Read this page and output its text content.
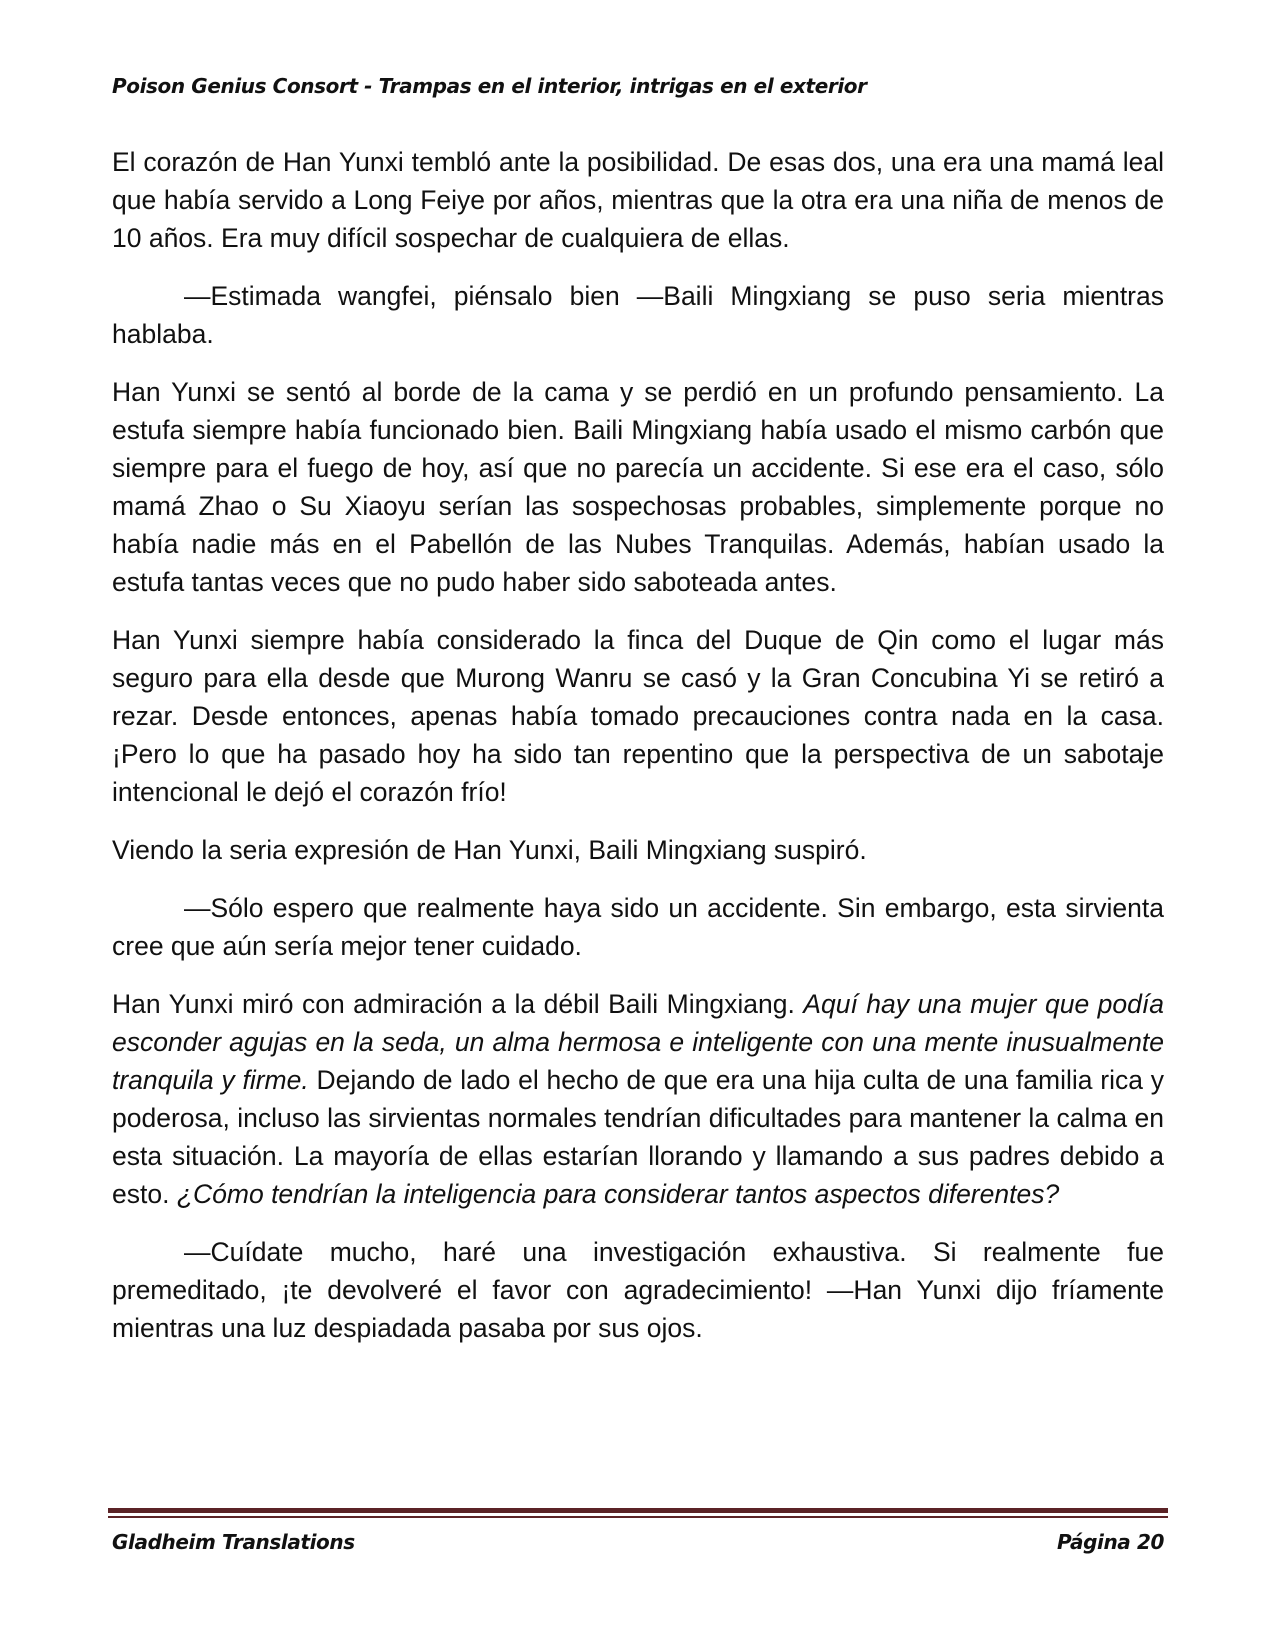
Poison Genius Consort - Trampas en el interior, intrigas en el exterior

El corazón de Han Yunxi tembló ante la posibilidad. De esas dos, una era una mamá leal que había servido a Long Feiye por años, mientras que la otra era una niña de menos de 10 años. Era muy difícil sospechar de cualquiera de ellas.

—Estimada wangfei, piénsalo bien —Baili Mingxiang se puso seria mientras hablaba.

Han Yunxi se sentó al borde de la cama y se perdió en un profundo pensamiento. La estufa siempre había funcionado bien. Baili Mingxiang había usado el mismo carbón que siempre para el fuego de hoy, así que no parecía un accidente. Si ese era el caso, sólo mamá Zhao o Su Xiaoyu serían las sospechosas probables, simplemente porque no había nadie más en el Pabellón de las Nubes Tranquilas. Además, habían usado la estufa tantas veces que no pudo haber sido saboteada antes.

Han Yunxi siempre había considerado la finca del Duque de Qin como el lugar más seguro para ella desde que Murong Wanru se casó y la Gran Concubina Yi se retiró a rezar. Desde entonces, apenas había tomado precauciones contra nada en la casa. ¡Pero lo que ha pasado hoy ha sido tan repentino que la perspectiva de un sabotaje intencional le dejó el corazón frío!

Viendo la seria expresión de Han Yunxi, Baili Mingxiang suspiró.

—Sólo espero que realmente haya sido un accidente. Sin embargo, esta sirvienta cree que aún sería mejor tener cuidado.

Han Yunxi miró con admiración a la débil Baili Mingxiang. Aquí hay una mujer que podía esconder agujas en la seda, un alma hermosa e inteligente con una mente inusualmente tranquila y firme. Dejando de lado el hecho de que era una hija culta de una familia rica y poderosa, incluso las sirvientas normales tendrían dificultades para mantener la calma en esta situación. La mayoría de ellas estarían llorando y llamando a sus padres debido a esto. ¿Cómo tendrían la inteligencia para considerar tantos aspectos diferentes?

—Cuídate mucho, haré una investigación exhaustiva. Si realmente fue premeditado, ¡te devolveré el favor con agradecimiento! —Han Yunxi dijo fríamente mientras una luz despiadada pasaba por sus ojos.

Gladheim Translations	Página 20
